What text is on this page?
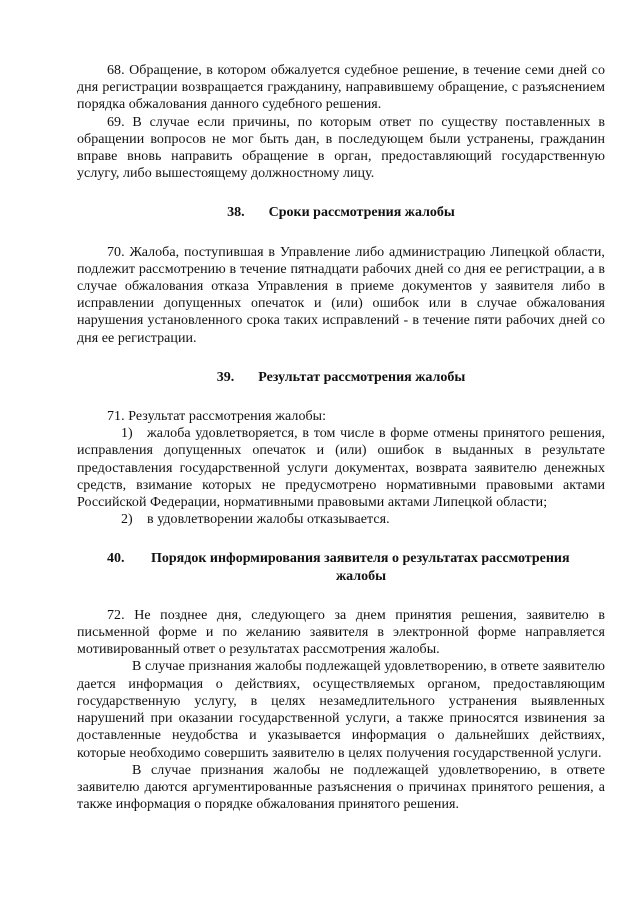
68. Обращение, в котором обжалуется судебное решение, в течение семи дней со дня регистрации возвращается гражданину, направившему обращение, с разъяснением порядка обжалования данного судебного решения.

69. В случае если причины, по которым ответ по существу поставленных в обращении вопросов не мог быть дан, в последующем были устранены, гражданин вправе вновь направить обращение в орган, предоставляющий государственную услугу, либо вышестоящему должностному лицу.

38. Сроки рассмотрения жалобы

70. Жалоба, поступившая в Управление либо администрацию Липецкой области, подлежит рассмотрению в течение пятнадцати рабочих дней со дня ее регистрации, а в случае обжалования отказа Управления в приеме документов у заявителя либо в исправлении допущенных опечаток и (или) ошибок или в случае обжалования нарушения установленного срока таких исправлений - в течение пяти рабочих дней со дня ее регистрации.

39. Результат рассмотрения жалобы

71. Результат рассмотрения жалобы:

1) жалоба удовлетворяется, в том числе в форме отмены принятого решения, исправления допущенных опечаток и (или) ошибок в выданных в результате предоставления государственной услуги документах, возврата заявителю денежных средств, взимание которых не предусмотрено нормативными правовыми актами Российской Федерации, нормативными правовыми актами Липецкой области;

2) в удовлетворении жалобы отказывается.

40. Порядок информирования заявителя о результатах рассмотрения
жалобы

72. Не позднее дня, следующего за днем принятия решения, заявителю в письменной форме и по желанию заявителя в электронной форме направляется мотивированный ответ о результатах рассмотрения жалобы.

В случае признания жалобы подлежащей удовлетворению, в ответе заявителю дается информация о действиях, осуществляемых органом, предоставляющим государственную услугу, в целях незамедлительного устранения выявленных нарушений при оказании государственной услуги, а также приносятся извинения за доставленные неудобства и указывается информация о дальнейших действиях, которые необходимо совершить заявителю в целях получения государственной услуги.

В случае признания жалобы не подлежащей удовлетворению, в ответе заявителю даются аргументированные разъяснения о причинах принятого решения, а также информация о порядке обжалования принятого решения.
